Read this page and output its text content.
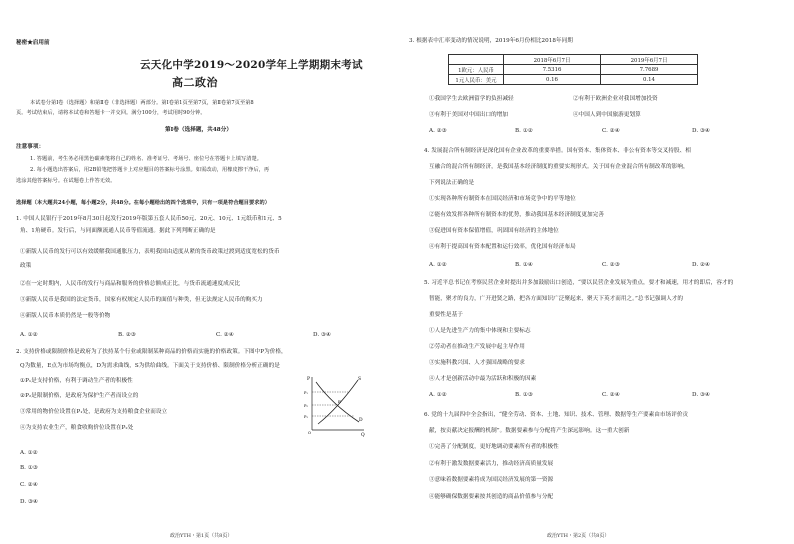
秘密★启用前
云天化中学2019～2020学年上学期期末考试
高二政治
本试卷分第Ⅰ卷（选择题）和第Ⅱ卷（非选择题）两部分。第Ⅰ卷第1页至第7页，第Ⅱ卷第7页至第8
页。考试结束后，请将本试卷和答题卡一并交回。满分100分，考试用时90分钟。
第Ⅰ卷（选择题，共48分）
注意事项：
1. 答题前，考生务必用黑色碳素笔将自己的姓名、准考证号、考场号、座位号在答题卡上填写清楚。
2. 每小题选出答案后，用2B铅笔把答题卡上对应题目的答案标号涂黑。如需改动，用橡皮擦干净后，再
选涂其他答案标号。在试题卷上作答无效。
选择题（本大题共24小题，每小题2分，共48分。在每小题给出的四个选项中，只有一项是符合题目要求的）
1. 中国人民银行于2019年8月30日起发行2019年版第五套人民币50元、20元、10元、1元纸币和1元、5
角、1角硬币。发行后，与同面额流通人民币等值流通。据此下列判断正确的是
①新版人民币的发行可以有效缓解我国通胀压力，表明我国由适度从紧的货币政策过渡到适度宽松的货币
政策
②在一定时期内，人民币的发行与商品和服务的价格总额成正比，与货币流通速度成反比
③新版人民币是我国的法定货币，国家有权规定人民币的面值与种类，但无法规定人民币的购买力
④新版人民币本质仍然是一般等价物
A. ①②	B. ②③	C. ②④	D. ③④
2. 支持价格或限制价格是政府为了扶持某个行业或限制某种商品的价格而实施的价格政策。下图中P为价格，
Q为数量，E点为市场均衡点，D为需求曲线，S为供给曲线。下面关于支持价格、限制价格分析正确的是
①P₁是支持价格，有利于调动生产者的积极性
②P₂是限制价格，是政府为保护生产者而设立的
③常用的物价位设置在P₁处，是政府为支持粮食企业而设立
④为支持农业生产，粮食收购价位设置在P₂处
A. ①②
B. ①③
C. ②④
D. ③④
P
Q
S
D
E
P₁
P₂
P₃
O
政治YTH・第1页（共8页）
3. 根据表中汇率变动的情况说明，2019年6月份相比2018年同期
	2018年6月7日	2019年6月7日
1欧元：人民币	7.5316	7.7689
1元人民币：美元	0.16	0.14
①我国学生去欧洲留学的负担减轻	②有利于欧洲企业对我国增加投资
③有利于美国对中国出口的增加	④中国人到中国旅游更划算
A. ②③	B. ①②	C. ②④	D. ③④
4. 发展混合所有制经济是深化国有企业改革的重要举措。国有资本、集体资本、非公有资本等交叉持股、相
互融合的混合所有制经济，是我国基本经济制度的重要实现形式。关于国有企业混合所有制改革的影响，
下列说法正确的是
①实现各种所有制资本在国民经济和市场竞争中的平等地位
②能有效发挥各种所有制资本的优势，推动我国基本经济制度更加完善
③促进国有资本保值增值，巩固国有经济的主体地位
④有利于提高国有资本配置和运行效率，优化国有经济布局
A. ①②	B. ①④	C. ②③	D. ②④
5. 习近平总书记在考察民营企业时提出并多加鼓励出口创造，“要以民营企业发展为重点，要才和减速，用才的即后，容才的
智能，聚才的良力，广开进贤之路，把各方面知识广泛聚起来，聚天下英才而用之。”总书记强调人才的
重要性是基于
①人是先进生产力的集中体现和主要标志
②劳动者在推动生产发展中起主导作用
③实施科教兴国、人才强国战略的要求
④人才是创新活动中最为活跃和积极的因素
A. ①②	B. ①③	C. ②④	D. ③④
6. 党的十九届四中全会指出，“健全劳动、资本、土地、知识、技术、管理、数据等生产要素由市场评价贡
献，按贡献决定报酬的机制”。数据要素参与分配将产生深远影响。这一重大创新
①完善了分配制度，更好地调动要素所有者的积极性
②有利于激发数据要素活力，推动经济高质量发展
③意味着数据要素将成为国民经济发展的第一资源
④能够确保数据要素按其创造的商品价值参与分配
政治YTH・第2页（共8页）
